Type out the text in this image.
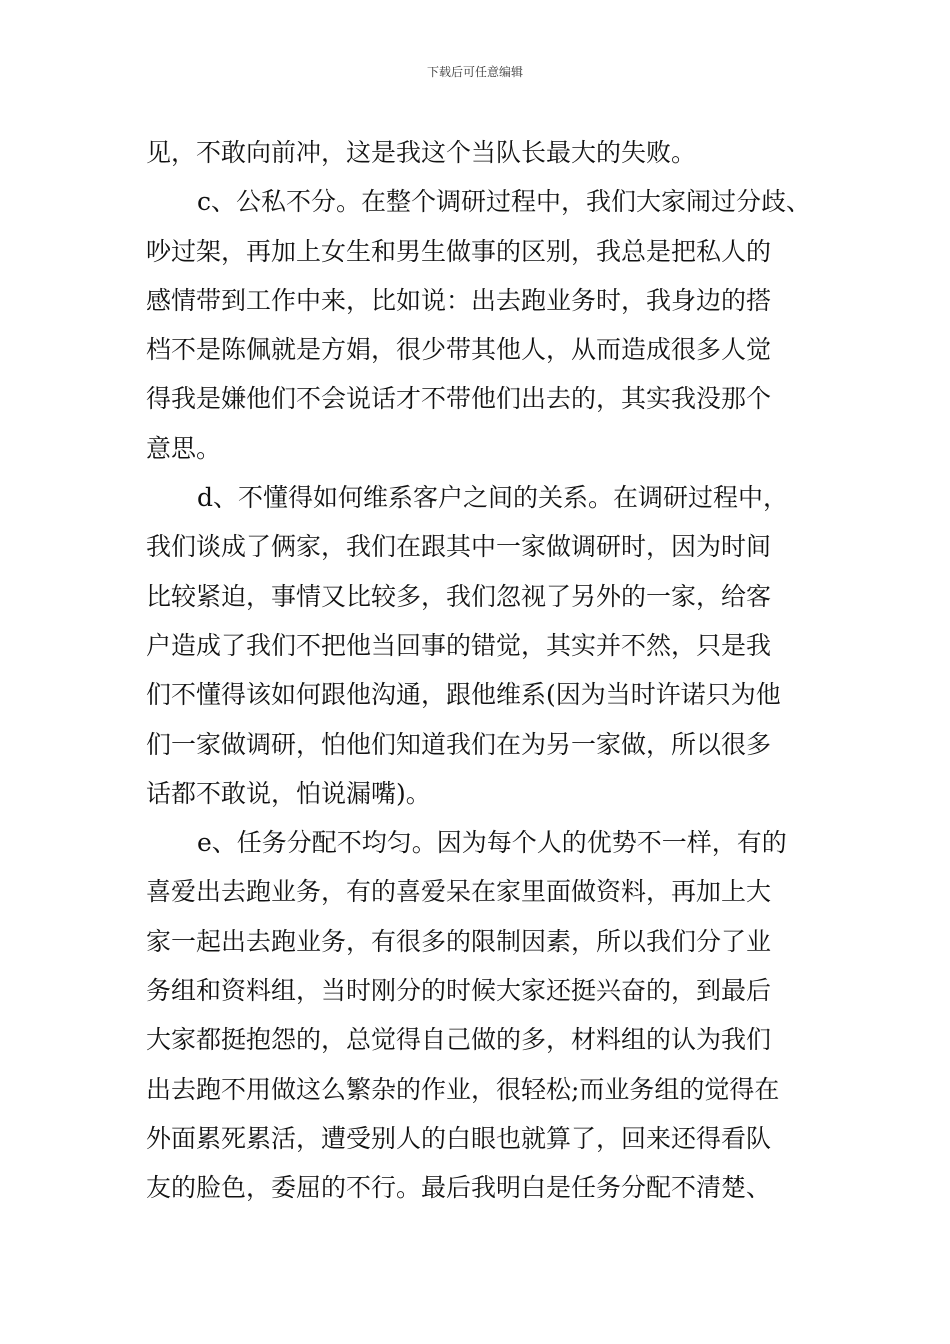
下载后可任意编辑
见，不敢向前冲，这是我这个当队长最大的失败。
c、公私不分。在整个调研过程中，我们大家闹过分歧、
吵过架，再加上女生和男生做事的区别，我总是把私人的
感情带到工作中来，比如说：出去跑业务时，我身边的搭
档不是陈佩就是方娟，很少带其他人，从而造成很多人觉
得我是嫌他们不会说话才不带他们出去的，其实我没那个
意思。
d、不懂得如何维系客户之间的关系。在调研过程中，
我们谈成了俩家，我们在跟其中一家做调研时，因为时间
比较紧迫，事情又比较多，我们忽视了另外的一家，给客
户造成了我们不把他当回事的错觉，其实并不然，只是我
们不懂得该如何跟他沟通，跟他维系(因为当时许诺只为他
们一家做调研，怕他们知道我们在为另一家做，所以很多
话都不敢说，怕说漏嘴)。
e、任务分配不均匀。因为每个人的优势不一样，有的
喜爱出去跑业务，有的喜爱呆在家里面做资料，再加上大
家一起出去跑业务，有很多的限制因素，所以我们分了业
务组和资料组，当时刚分的时候大家还挺兴奋的，到最后
大家都挺抱怨的，总觉得自己做的多，材料组的认为我们
出去跑不用做这么繁杂的作业，很轻松;而业务组的觉得在
外面累死累活，遭受别人的白眼也就算了，回来还得看队
友的脸色，委屈的不行。最后我明白是任务分配不清楚、
